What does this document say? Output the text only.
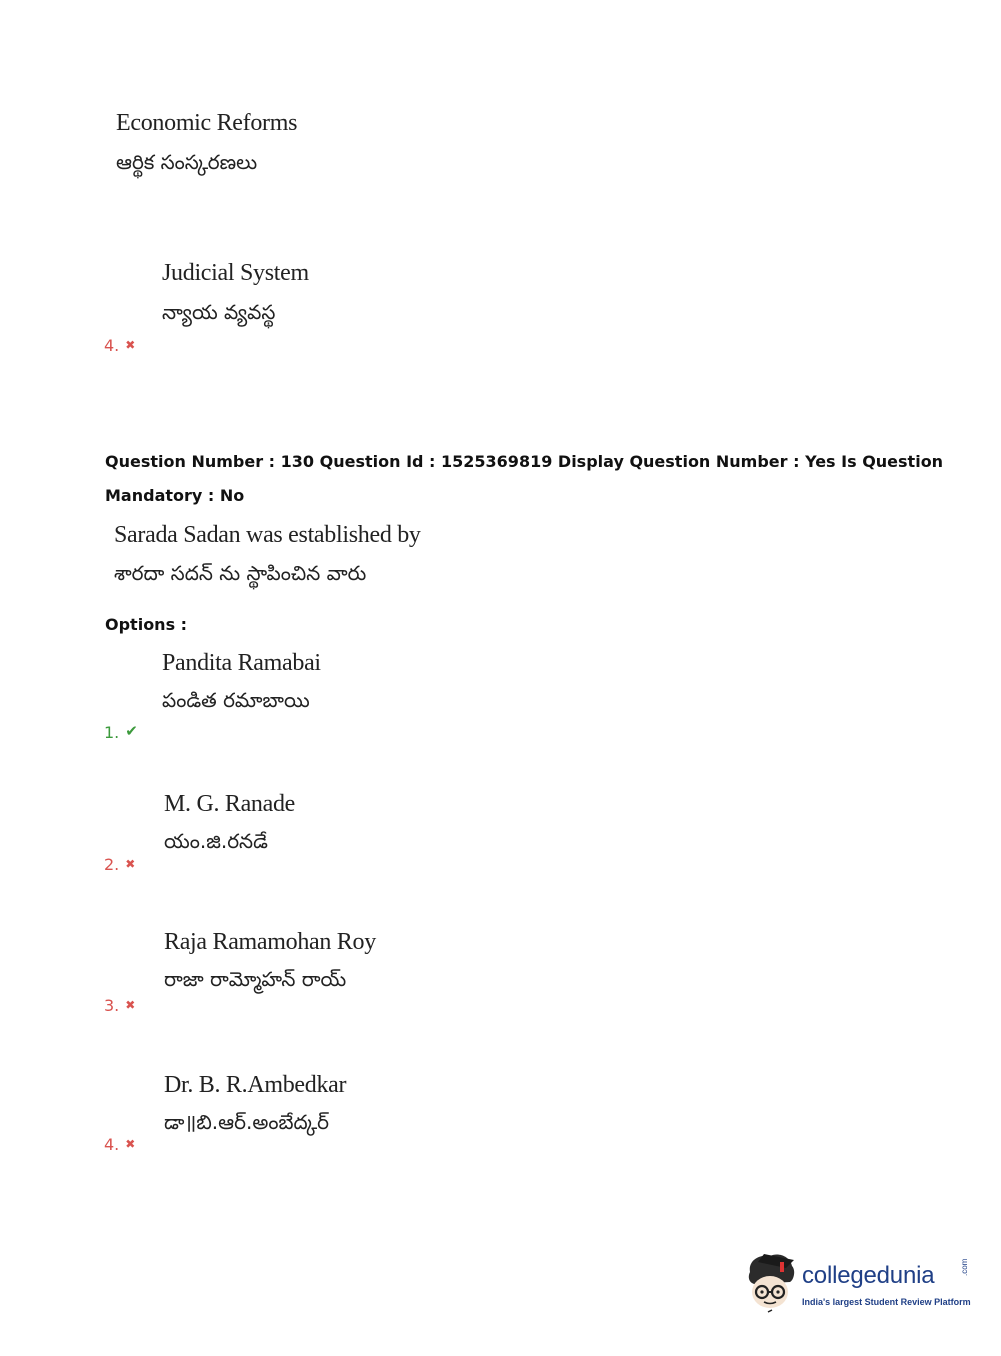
Economic Reforms
ఆర్థిక సంస్కరణలు
Judicial System
న్యాయ వ్యవస్థ
4. ✖
Question Number : 130 Question Id : 1525369819 Display Question Number : Yes Is Question
Mandatory : No
Sarada Sadan was established by
శారదా సదన్ ను స్థాపించిన వారు
Options :
Pandita Ramabai
పండిత రమాబాయి
1. ✔
M. G. Ranade
యం.జి.రనడే
2. ✖
Raja Ramamohan Roy
రాజా రామ్మోహన్ రాయ్
3. ✖
Dr. B. R.Ambedkar
డా॥బి.ఆర్.అంబేద్కర్
4. ✖
collegedunia	.com
India's largest Student Review Platform
